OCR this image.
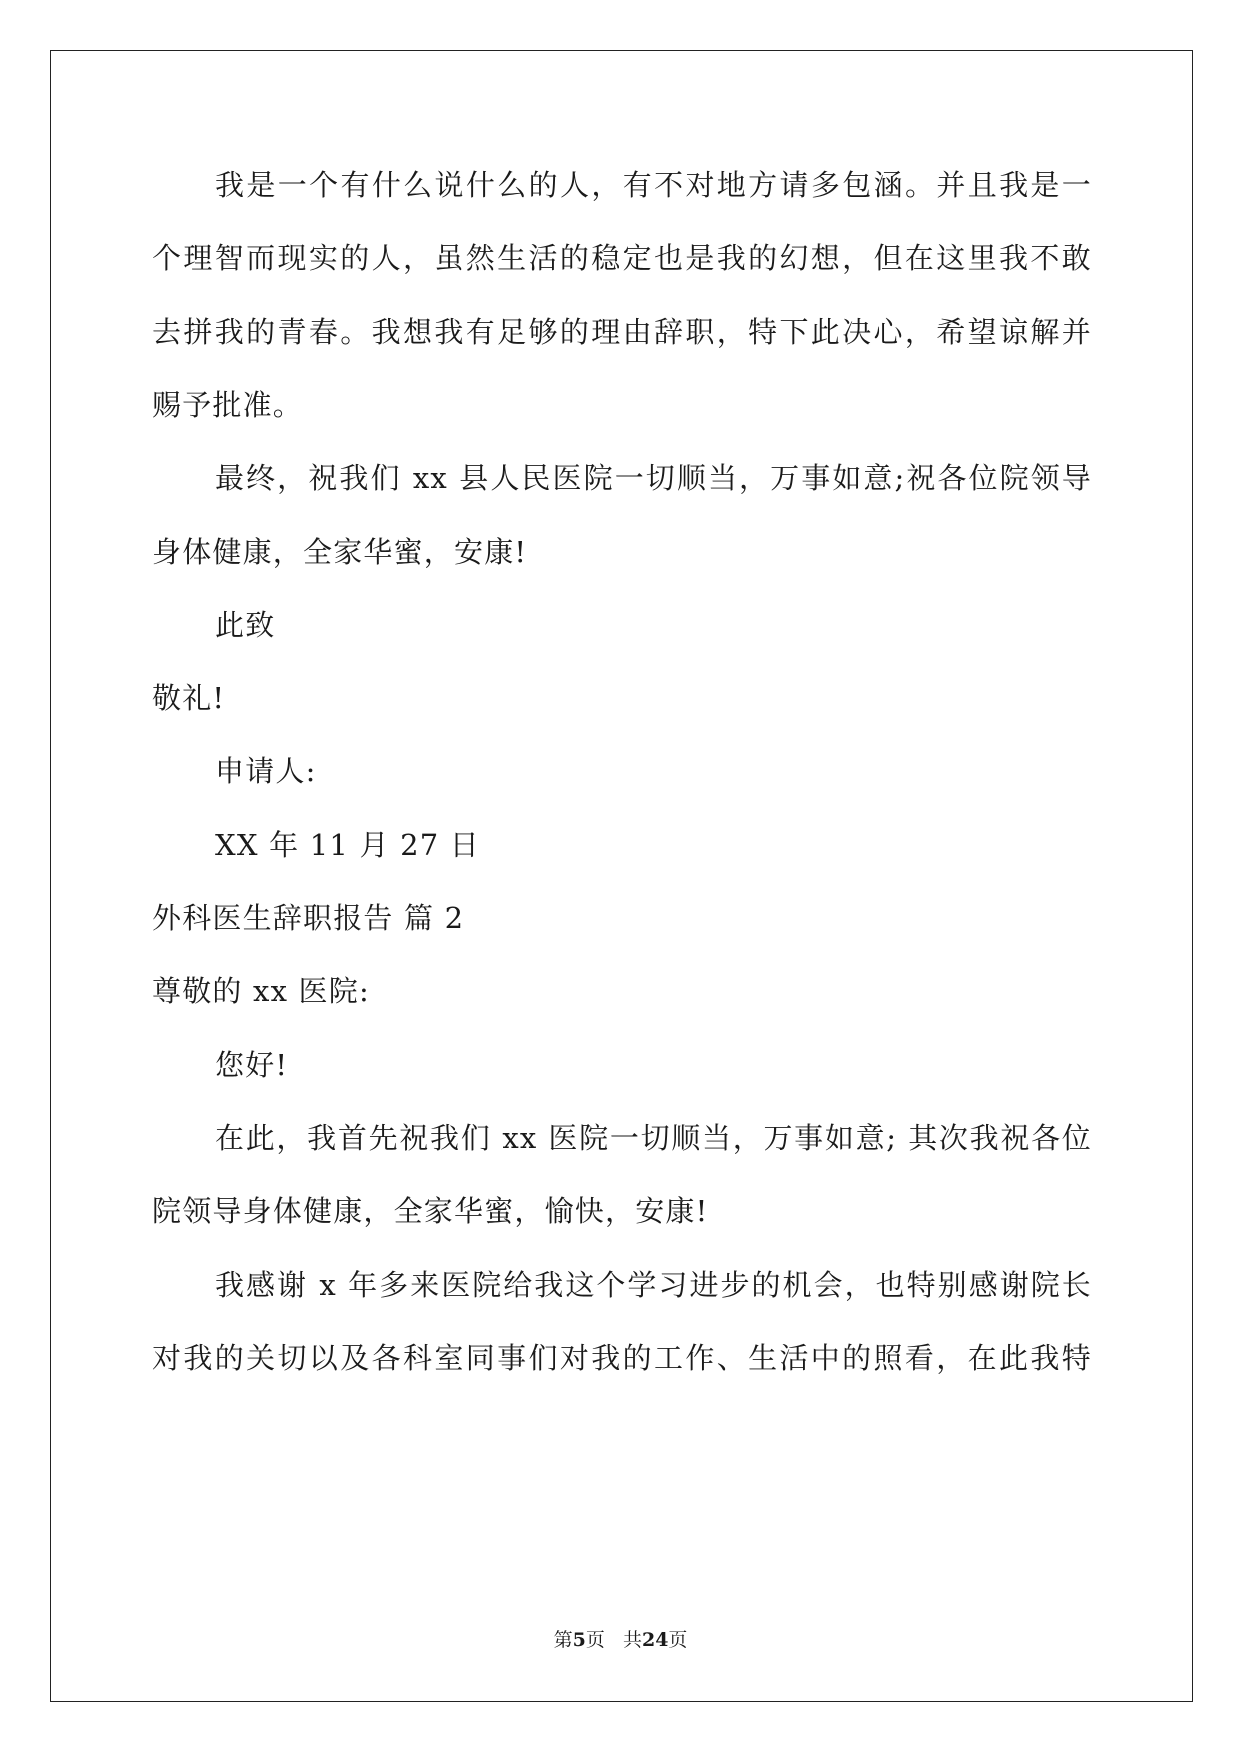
我是一个有什么说什么的人，有不对地方请多包涵。并且我是一
个理智而现实的人，虽然生活的稳定也是我的幻想，但在这里我不敢
去拼我的青春。我想我有足够的理由辞职，特下此决心，希望谅解并
赐予批准。
最终，祝我们 xx 县人民医院一切顺当，万事如意;祝各位院领导
身体健康，全家华蜜，安康!
此致
敬礼!
申请人:
XX 年 11 月 27 日
外科医生辞职报告 篇 2
尊敬的 xx 医院:
您好!
在此，我首先祝我们 xx 医院一切顺当，万事如意; 其次我祝各位
院领导身体健康，全家华蜜，愉快，安康!
我感谢 x 年多来医院给我这个学习进步的机会，也特别感谢院长
对我的关切以及各科室同事们对我的工作、生活中的照看，在此我特
第5页 共24页
